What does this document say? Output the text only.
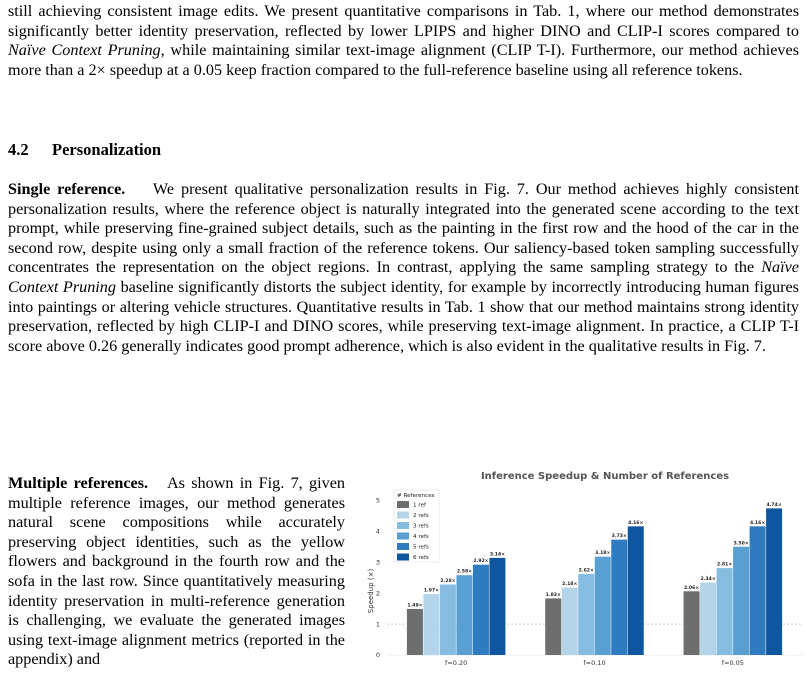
still achieving consistent image edits. We present quantitative comparisons in Tab. 1, where our method demonstrates significantly better identity preservation, reflected by lower LPIPS and higher DINO and CLIP-I scores compared to Naïve Context Pruning, while maintaining similar text-image alignment (CLIP T-I). Furthermore, our method achieves more than a 2× speedup at a 0.05 keep fraction compared to the full-reference baseline using all reference tokens.

4.2 Personalization

Single reference. We present qualitative personalization results in Fig. 7. Our method achieves highly consistent personalization results, where the reference object is naturally integrated into the generated scene according to the text prompt, while preserving fine-grained subject details, such as the painting in the first row and the hood of the car in the second row, despite using only a small fraction of the reference tokens. Our saliency-based token sampling successfully concentrates the representation on the object regions. In contrast, applying the same sampling strategy to the Naïve Context Pruning baseline significantly distorts the subject identity, for example by incorrectly introducing human figures into paintings or altering vehicle structures. Quantitative results in Tab. 1 show that our method maintains strong identity preservation, reflected by high CLIP-I and DINO scores, while preserving text-image alignment. In practice, a CLIP T-I score above 0.26 generally indicates good prompt adherence, which is also evident in the qualitative results in Fig. 7.

Multiple references. As shown in Fig. 7, given multiple reference images, our method generates natural scene compositions while accurately preserving object identities, such as the yellow flowers and background in the fourth row and the sofa in the last row. Since quantitatively measuring identity preservation in multi-reference generation is challenging, we evaluate the generated images using text-image alignment metrics (reported in the appendix) and

Inference Speedup & Number of References
Speedup (×)	1.49×
1.97×
2.28×
2.58×
2.92×
3.14×
1.83×
2.18×
2.62×
3.18×
3.73×
4.16×
2.06×
2.34×
2.81×
3.50×
4.16×
4.74×
0
1
2
3
4
5
f=0.20	f=0.10	f=0.05
# References
1 ref
2 refs
3 refs
4 refs
5 refs
6 refs
